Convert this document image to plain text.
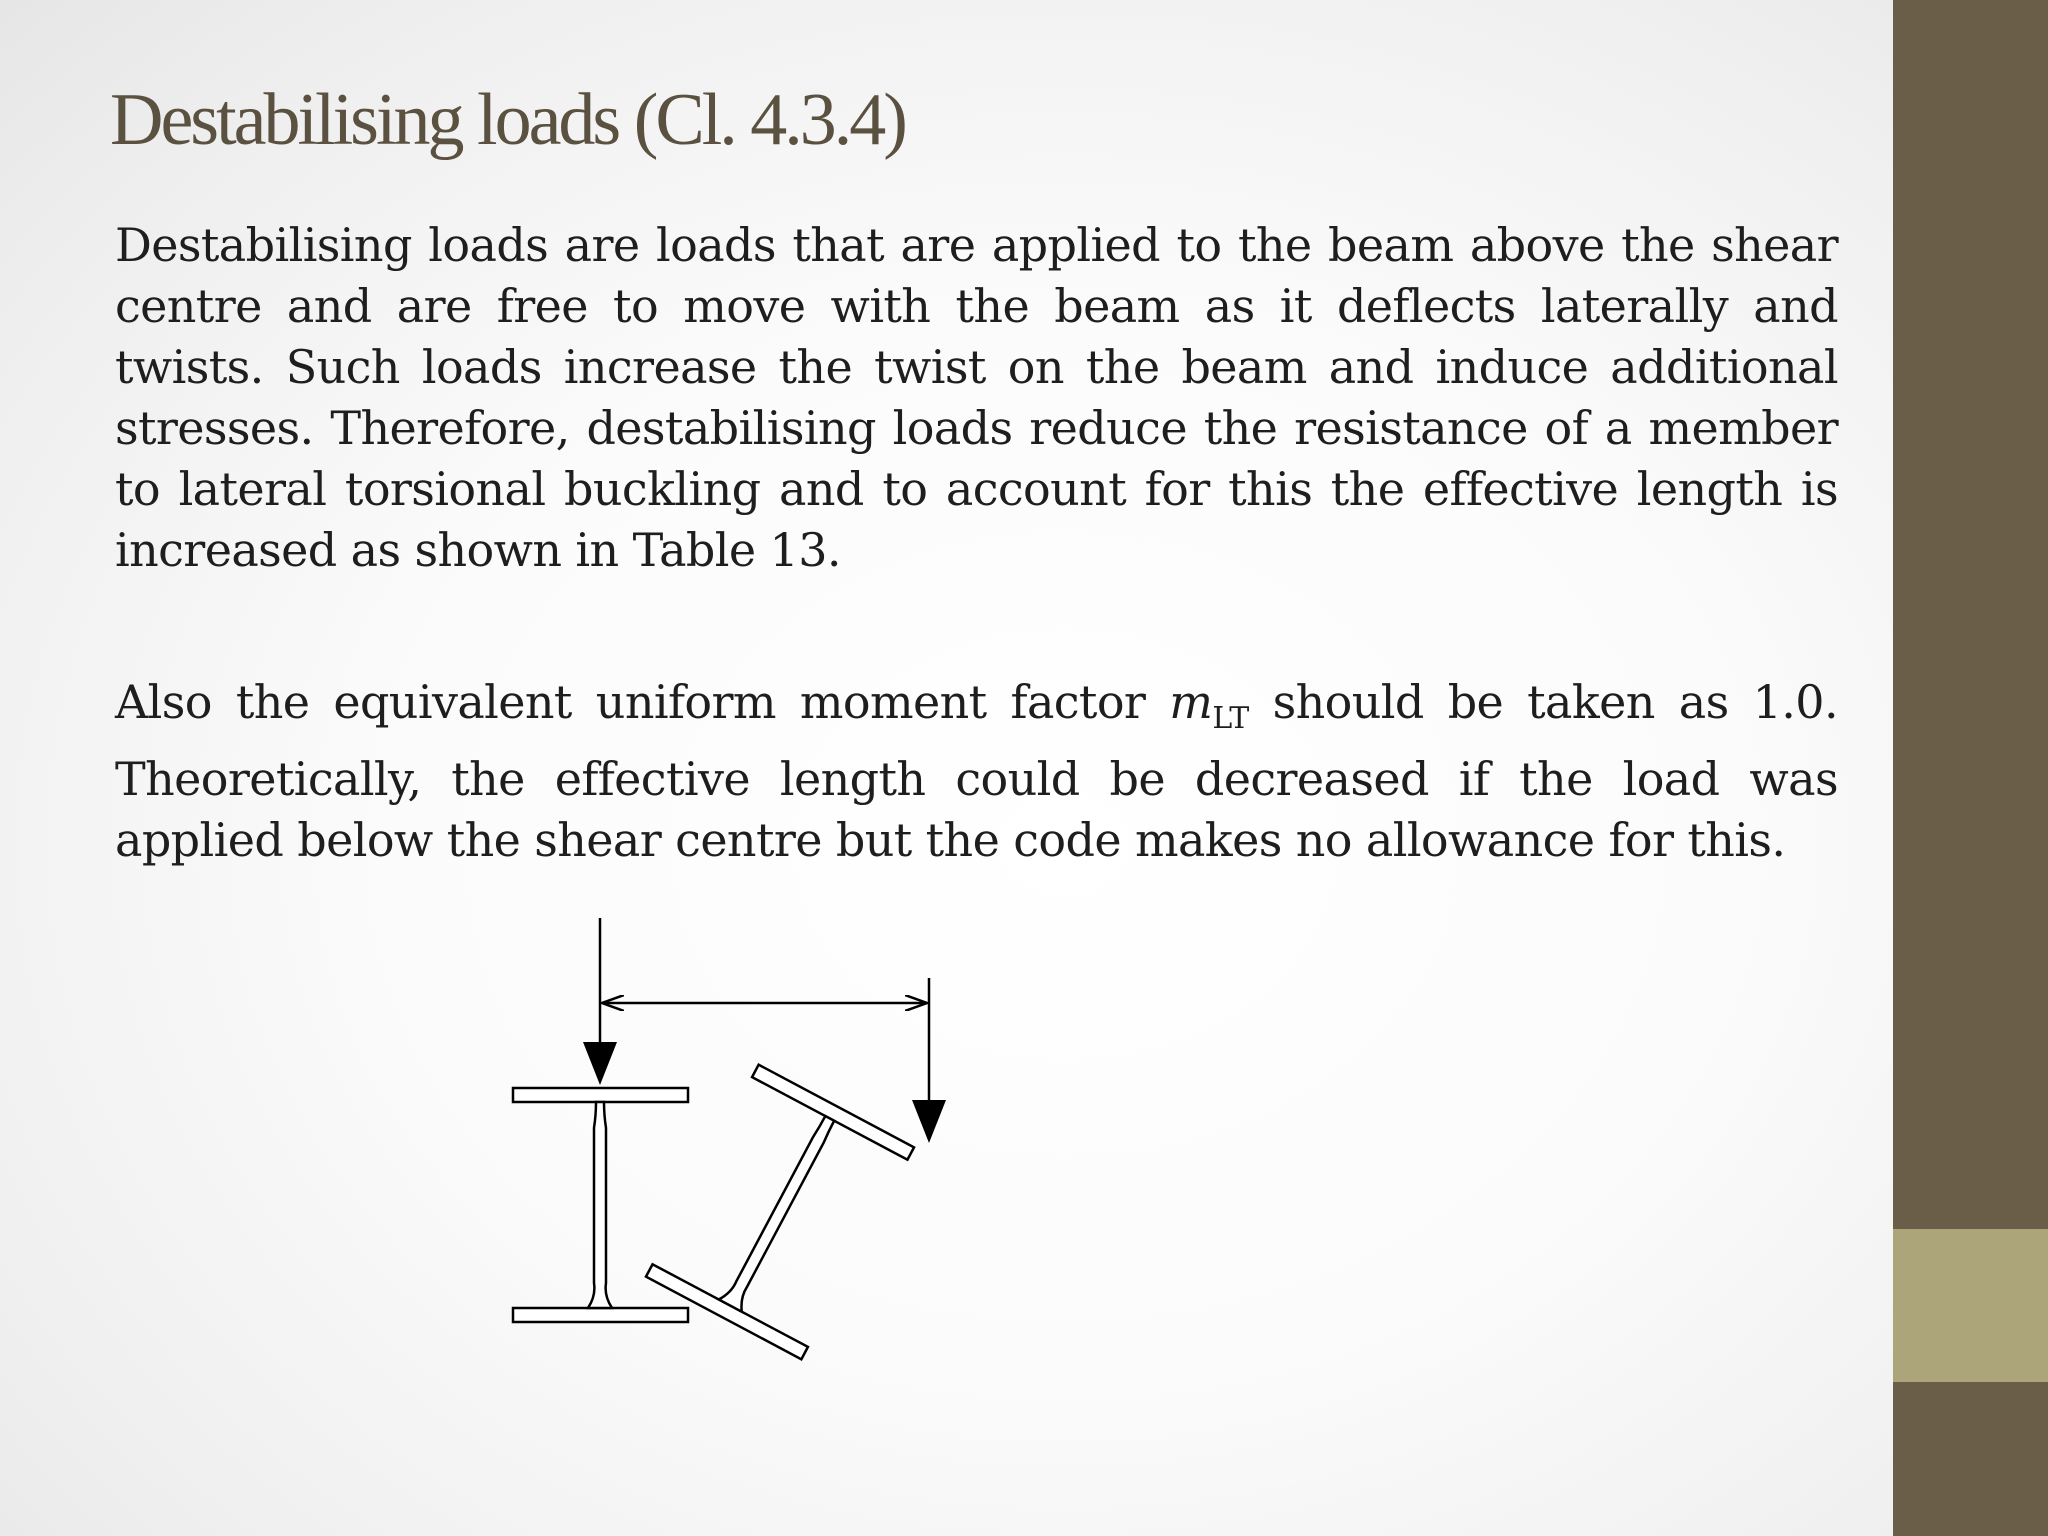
Destabilising loads (Cl. 4.3.4)

Destabilising loads are loads that are applied to the beam above the shear centre and are free to move with the beam as it deflects laterally and twists. Such loads increase the twist on the beam and induce additional stresses. Therefore, destabilising loads reduce the resistance of a member to lateral torsional buckling and to account for this the effective length is increased as shown in Table 13.

Also the equivalent uniform moment factor $m_{LT}$ should be taken as 1.0. Theoretically, the effective length could be decreased if the load was applied below the shear centre but the code makes no allowance for this.
